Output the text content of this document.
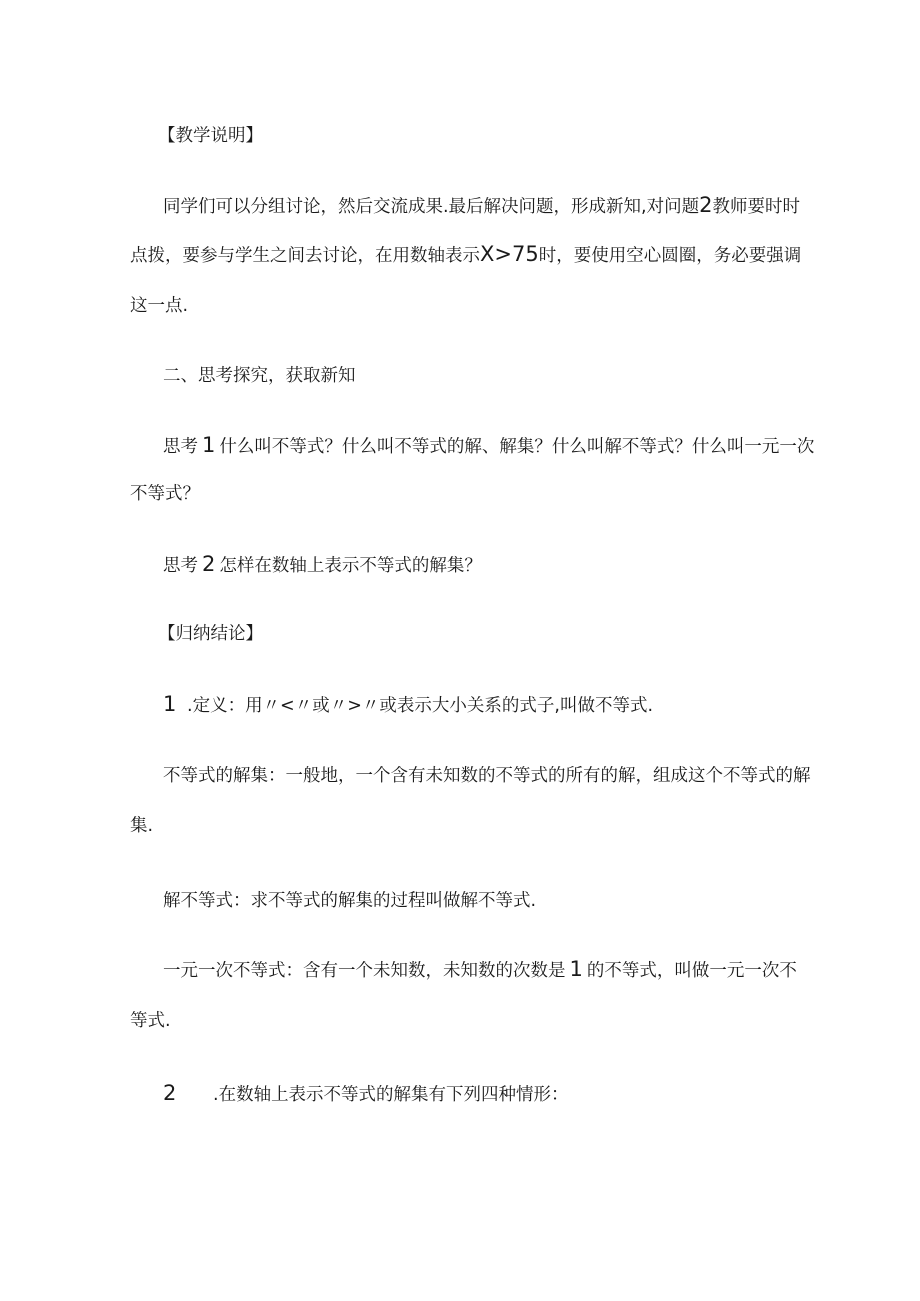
【教学说明】
同学们可以分组讨论，然后交流成果.最后解决问题，形成新知,对问题2教师要时时
点拨，要参与学生之间去讨论，在用数轴表示X>75时，要使用空心圆圈，务必要强调
这一点.
二、思考探究，获取新知
思考 1 什么叫不等式？什么叫不等式的解、解集？什么叫解不等式？什么叫一元一次
不等式？
思考 2 怎样在数轴上表示不等式的解集？
【归纳结论】
1 .定义：用〃<〃或〃>〃或表示大小关系的式子,叫做不等式.
不等式的解集：一般地，一个含有未知数的不等式的所有的解，组成这个不等式的解
集.
解不等式：求不等式的解集的过程叫做解不等式.
一元一次不等式：含有一个未知数，未知数的次数是 1 的不等式，叫做一元一次不
等式.
2 .在数轴上表示不等式的解集有下列四种情形：
